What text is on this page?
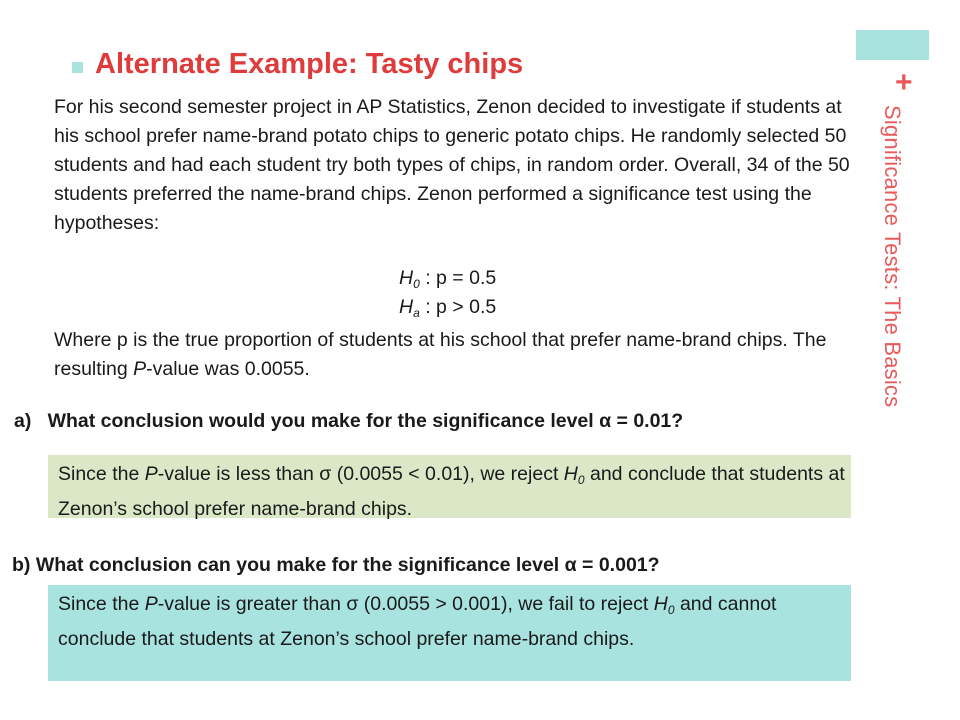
+
Significance Tests: The Basics
Alternate Example: Tasty chips
For his second semester project in AP Statistics, Zenon decided to investigate if students at his school prefer name-brand potato chips to generic potato chips. He randomly selected 50 students and had each student try both types of chips, in random order. Overall, 34 of the 50 students preferred the name-brand chips. Zenon performed a significance test using the hypotheses:
$H_0$ : p = 0.5
$H_a$ : p > 0.5
Where p is the true proportion of students at his school that prefer name-brand chips. The resulting P-value was 0.0055.
a)   What conclusion would you make for the significance level α = 0.01?
Since the P-value is less than σ (0.0055 < 0.01), we reject $H_0$ and conclude that students at Zenon’s school prefer name-brand chips.
b) What conclusion can you make for the significance level α = 0.001?
Since the P-value is greater than σ (0.0055 > 0.001), we fail to reject $H_0$ and cannot conclude that students at Zenon’s school prefer name-brand chips.
